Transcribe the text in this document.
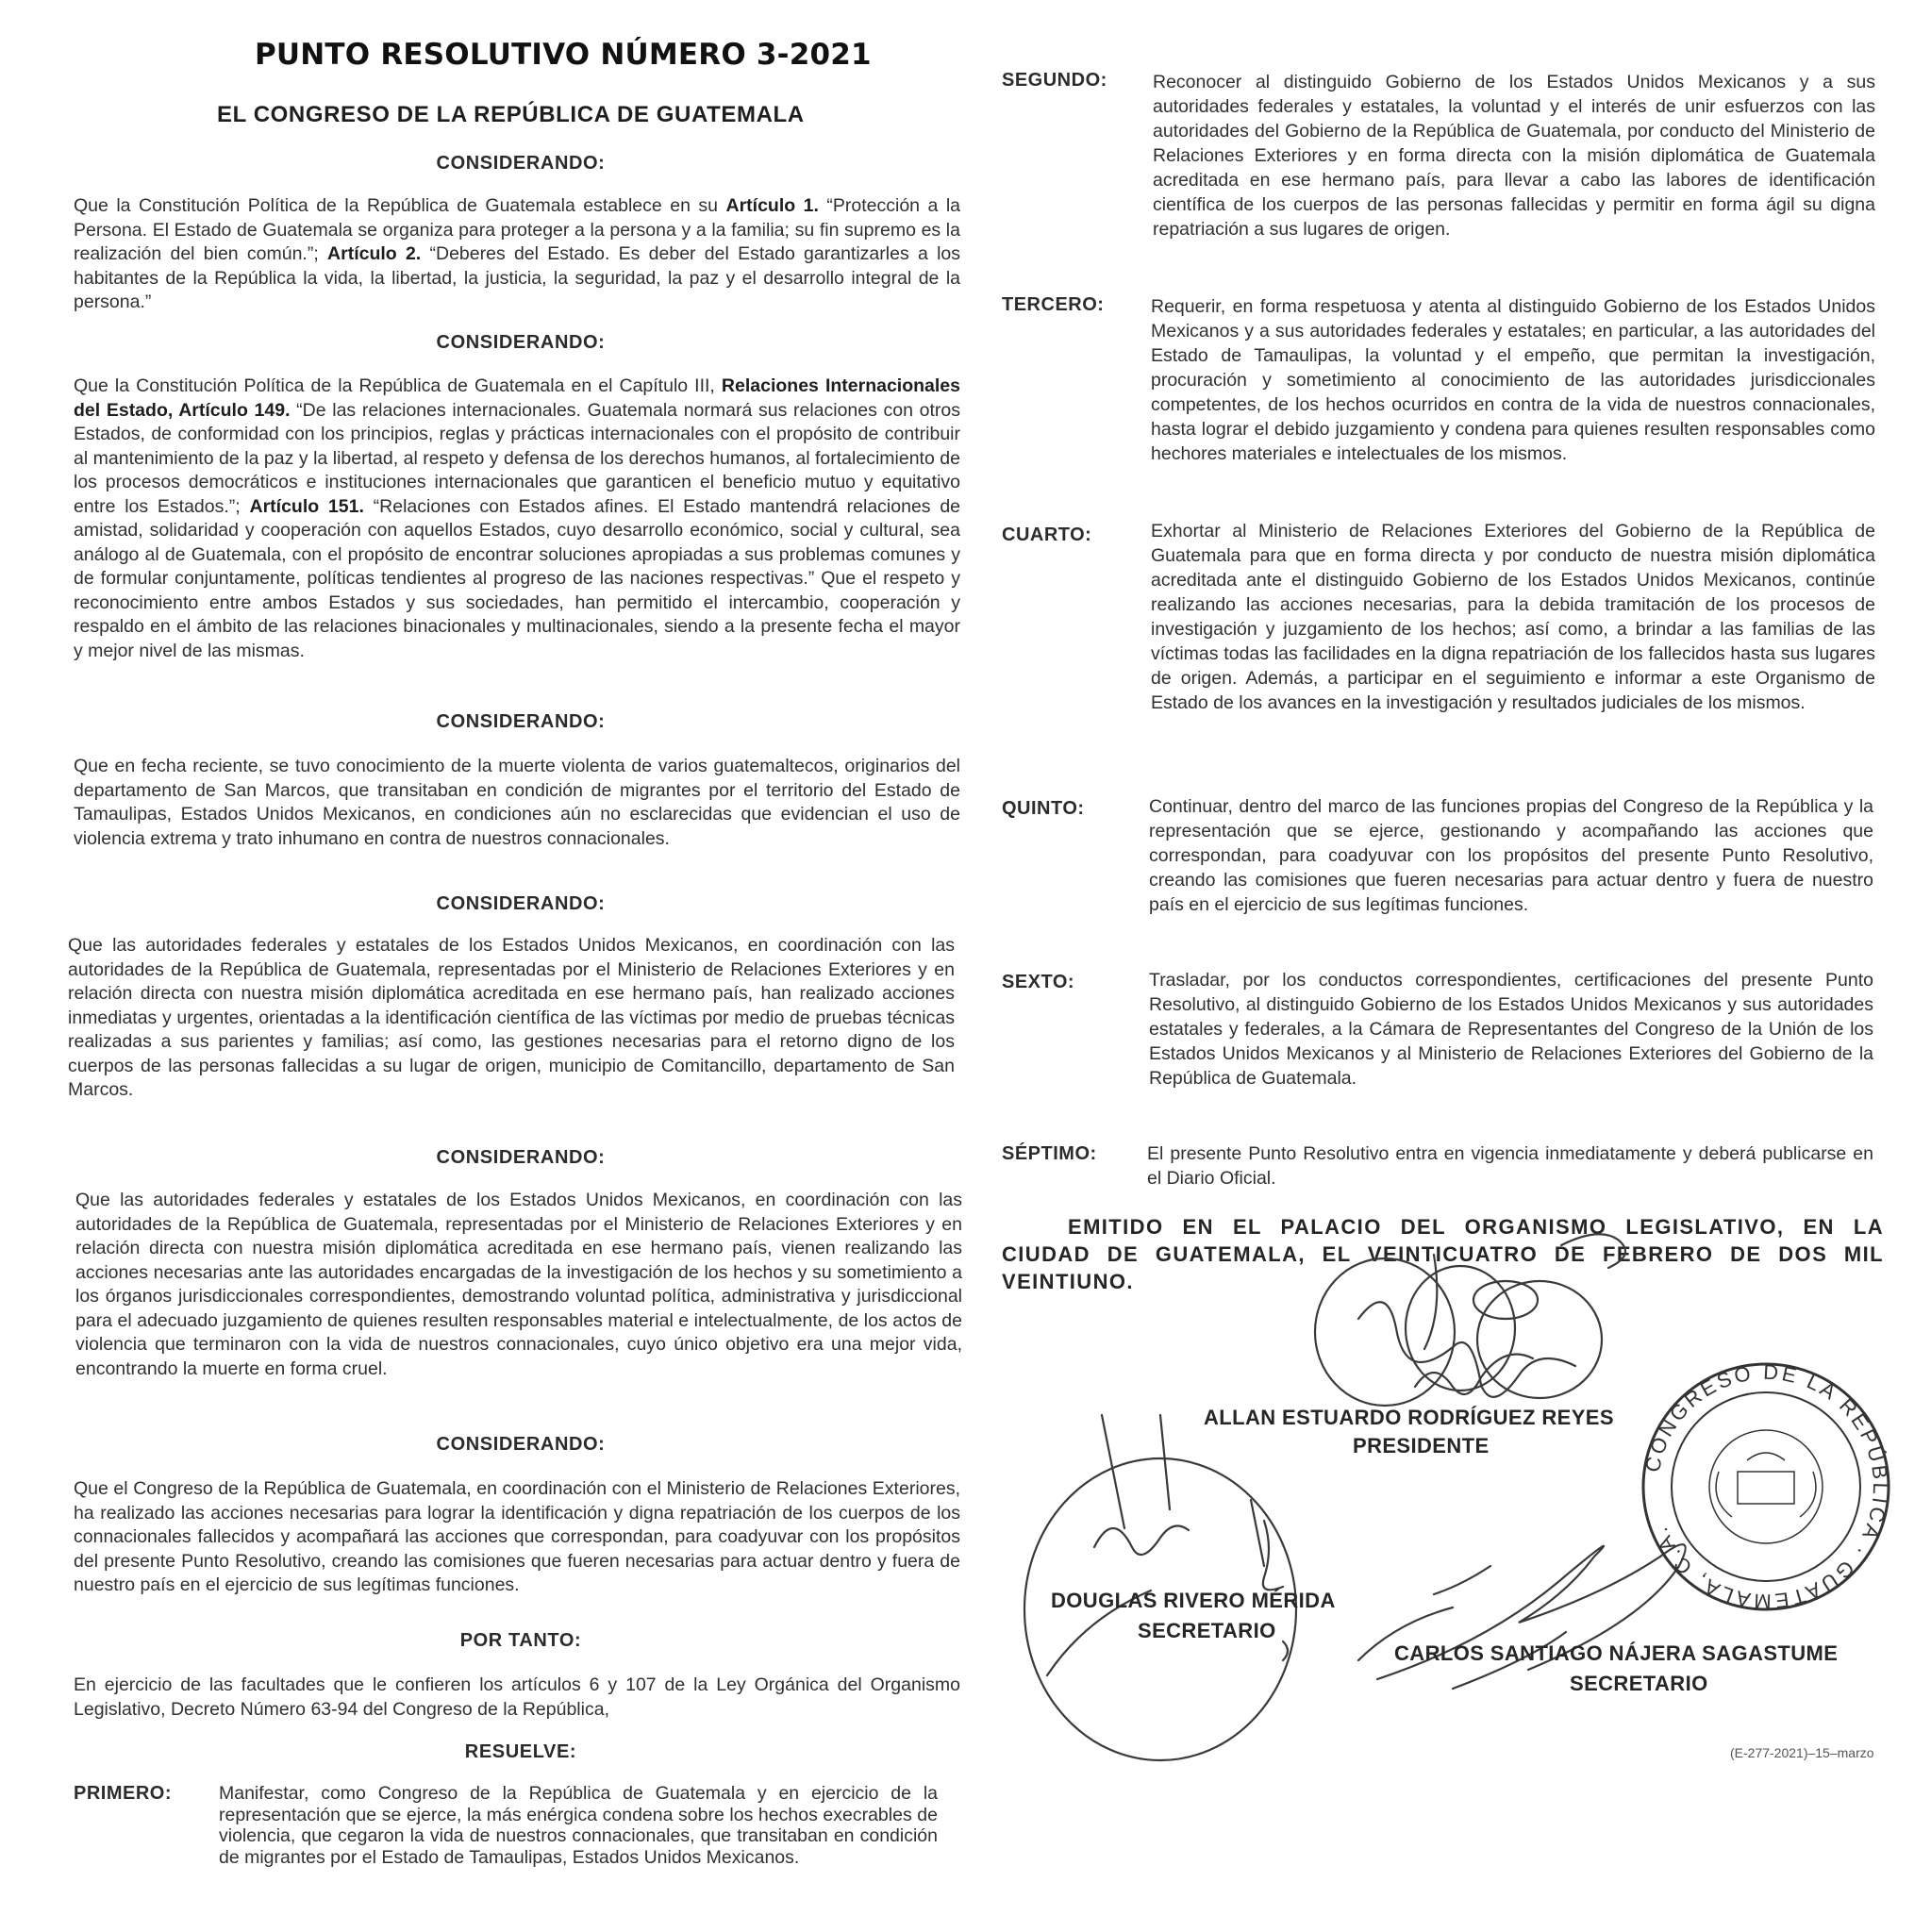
PUNTO RESOLUTIVO NÚMERO 3-2021
EL CONGRESO DE LA REPÚBLICA DE GUATEMALA
CONSIDERANDO:
Que la Constitución Política de la República de Guatemala establece en su Artículo 1. “Protección a la Persona. El Estado de Guatemala se organiza para proteger a la persona y a la familia; su fin supremo es la realización del bien común.”; Artículo 2. “Deberes del Estado. Es deber del Estado garantizarles a los habitantes de la República la vida, la libertad, la justicia, la seguridad, la paz y el desarrollo integral de la persona.”
CONSIDERANDO:
Que la Constitución Política de la República de Guatemala en el Capítulo III, Relaciones Internacionales del Estado, Artículo 149. “De las relaciones internacionales. Guatemala normará sus relaciones con otros Estados, de conformidad con los principios, reglas y prácticas internacionales con el propósito de contribuir al mantenimiento de la paz y la libertad, al respeto y defensa de los derechos humanos, al fortalecimiento de los procesos democráticos e instituciones internacionales que garanticen el beneficio mutuo y equitativo entre los Estados.”; Artículo 151. “Relaciones con Estados afines. El Estado mantendrá relaciones de amistad, solidaridad y cooperación con aquellos Estados, cuyo desarrollo económico, social y cultural, sea análogo al de Guatemala, con el propósito de encontrar soluciones apropiadas a sus problemas comunes y de formular conjuntamente, políticas tendientes al progreso de las naciones respectivas.” Que el respeto y reconocimiento entre ambos Estados y sus sociedades, han permitido el intercambio, cooperación y respaldo en el ámbito de las relaciones binacionales y multinacionales, siendo a la presente fecha el mayor y mejor nivel de las mismas.
CONSIDERANDO:
Que en fecha reciente, se tuvo conocimiento de la muerte violenta de varios guatemaltecos, originarios del departamento de San Marcos, que transitaban en condición de migrantes por el territorio del Estado de Tamaulipas, Estados Unidos Mexicanos, en condiciones aún no esclarecidas que evidencian el uso de violencia extrema y trato inhumano en contra de nuestros connacionales.
CONSIDERANDO:
Que las autoridades federales y estatales de los Estados Unidos Mexicanos, en coordinación con las autoridades de la República de Guatemala, representadas por el Ministerio de Relaciones Exteriores y en relación directa con nuestra misión diplomática acreditada en ese hermano país, han realizado acciones inmediatas y urgentes, orientadas a la identificación científica de las víctimas por medio de pruebas técnicas realizadas a sus parientes y familias; así como, las gestiones necesarias para el retorno digno de los cuerpos de las personas fallecidas a su lugar de origen, municipio de Comitancillo, departamento de San Marcos.
CONSIDERANDO:
Que las autoridades federales y estatales de los Estados Unidos Mexicanos, en coordinación con las autoridades de la República de Guatemala, representadas por el Ministerio de Relaciones Exteriores y en relación directa con nuestra misión diplomática acreditada en ese hermano país, vienen realizando las acciones necesarias ante las autoridades encargadas de la investigación de los hechos y su sometimiento a los órganos jurisdiccionales correspondientes, demostrando voluntad política, administrativa y jurisdiccional para el adecuado juzgamiento de quienes resulten responsables material e intelectualmente, de los actos de violencia que terminaron con la vida de nuestros connacionales, cuyo único objetivo era una mejor vida, encontrando la muerte en forma cruel.
CONSIDERANDO:
Que el Congreso de la República de Guatemala, en coordinación con el Ministerio de Relaciones Exteriores, ha realizado las acciones necesarias para lograr la identificación y digna repatriación de los cuerpos de los connacionales fallecidos y acompañará las acciones que correspondan, para coadyuvar con los propósitos del presente Punto Resolutivo, creando las comisiones que fueren necesarias para actuar dentro y fuera de nuestro país en el ejercicio de sus legítimas funciones.
POR TANTO:
En ejercicio de las facultades que le confieren los artículos 6 y 107 de la Ley Orgánica del Organismo Legislativo, Decreto Número 63-94 del Congreso de la República,
RESUELVE:
PRIMERO:	Manifestar, como Congreso de la República de Guatemala y en ejercicio de la representación que se ejerce, la más enérgica condena sobre los hechos execrables de violencia, que cegaron la vida de nuestros connacionales, que transitaban en condición de migrantes por el Estado de Tamaulipas, Estados Unidos Mexicanos.
SEGUNDO: Reconocer al distinguido Gobierno de los Estados Unidos Mexicanos y a sus autoridades federales y estatales, la voluntad y el interés de unir esfuerzos con las autoridades del Gobierno de la República de Guatemala, por conducto del Ministerio de Relaciones Exteriores y en forma directa con la misión diplomática de Guatemala acreditada en ese hermano país, para llevar a cabo las labores de identificación científica de los cuerpos de las personas fallecidas y permitir en forma ágil su digna repatriación a sus lugares de origen.
TERCERO:	Requerir, en forma respetuosa y atenta al distinguido Gobierno de los Estados Unidos Mexicanos y a sus autoridades federales y estatales; en particular, a las autoridades del Estado de Tamaulipas, la voluntad y el empeño, que permitan la investigación, procuración y sometimiento al conocimiento de las autoridades jurisdiccionales competentes, de los hechos ocurridos en contra de la vida de nuestros connacionales, hasta lograr el debido juzgamiento y condena para quienes resulten responsables como hechores materiales e intelectuales de los mismos.
CUARTO:	Exhortar al Ministerio de Relaciones Exteriores del Gobierno de la República de Guatemala para que en forma directa y por conducto de nuestra misión diplomática acreditada ante el distinguido Gobierno de los Estados Unidos Mexicanos, continúe realizando las acciones necesarias, para la debida tramitación de los procesos de investigación y juzgamiento de los hechos; así como, a brindar a las familias de las víctimas todas las facilidades en la digna repatriación de los fallecidos hasta sus lugares de origen. Además, a participar en el seguimiento e informar a este Organismo de Estado de los avances en la investigación y resultados judiciales de los mismos.
QUINTO:	Continuar, dentro del marco de las funciones propias del Congreso de la República y la representación que se ejerce, gestionando y acompañando las acciones que correspondan, para coadyuvar con los propósitos del presente Punto Resolutivo, creando las comisiones que fueren necesarias para actuar dentro y fuera de nuestro país en el ejercicio de sus legítimas funciones.
SEXTO:	Trasladar, por los conductos correspondientes, certificaciones del presente Punto Resolutivo, al distinguido Gobierno de los Estados Unidos Mexicanos y sus autoridades estatales y federales, a la Cámara de Representantes del Congreso de la Unión de los Estados Unidos Mexicanos y al Ministerio de Relaciones Exteriores del Gobierno de la República de Guatemala.
SÉPTIMO:	El presente Punto Resolutivo entra en vigencia inmediatamente y deberá publicarse en el Diario Oficial.
EMITIDO EN EL PALACIO DEL ORGANISMO LEGISLATIVO, EN LA CIUDAD DE GUATEMALA, EL VEINTICUATRO DE FEBRERO DE DOS MIL VEINTIUNO.
CONGRESO DE LA REPÚBLICA · GUATEMALA, C.A.
ALLAN ESTUARDO RODRÍGUEZ REYES
PRESIDENTE
DOUGLAS RIVERO MÉRIDA
SECRETARIO
CARLOS SANTIAGO NÁJERA SAGASTUME
SECRETARIO
(E-277-2021)–15–marzo
